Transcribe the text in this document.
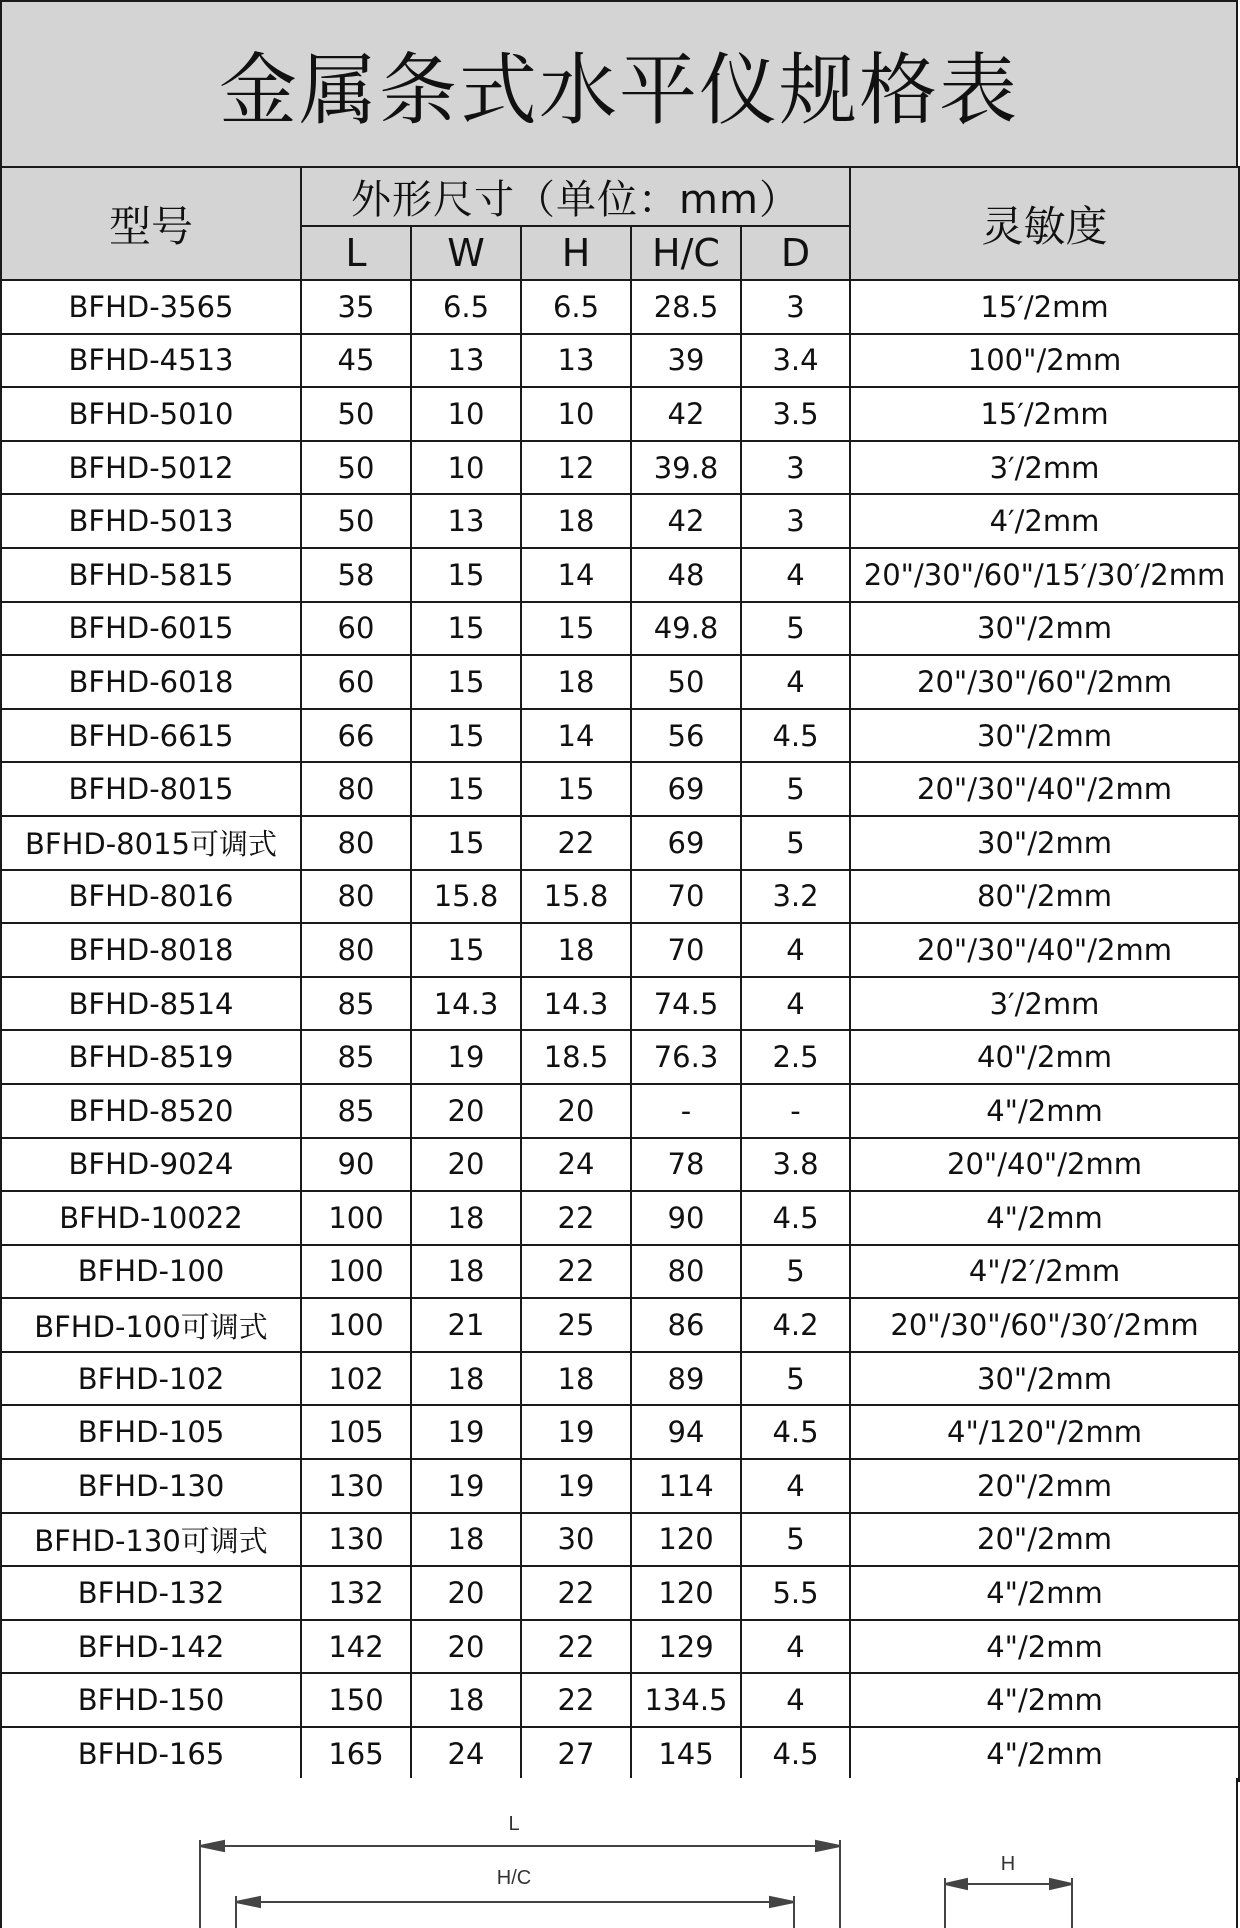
金属条式水平仪规格表
型号	外形尺寸（单位：mm）					灵敏度
	L	W	H	H/C	D	
BFHD-3565	35	6.5	6.5	28.5	3	15′/2mm
BFHD-4513	45	13	13	39	3.4	100"/2mm
BFHD-5010	50	10	10	42	3.5	15′/2mm
BFHD-5012	50	10	12	39.8	3	3′/2mm
BFHD-5013	50	13	18	42	3	4′/2mm
BFHD-5815	58	15	14	48	4	20"/30"/60"/15′/30′/2mm
BFHD-6015	60	15	15	49.8	5	30"/2mm
BFHD-6018	60	15	18	50	4	20"/30"/60"/2mm
BFHD-6615	66	15	14	56	4.5	30"/2mm
BFHD-8015	80	15	15	69	5	20"/30"/40"/2mm
BFHD-8015可调式	80	15	22	69	5	30"/2mm
BFHD-8016	80	15.8	15.8	70	3.2	80"/2mm
BFHD-8018	80	15	18	70	4	20"/30"/40"/2mm
BFHD-8514	85	14.3	14.3	74.5	4	3′/2mm
BFHD-8519	85	19	18.5	76.3	2.5	40"/2mm
BFHD-8520	85	20	20	-	-	4"/2mm
BFHD-9024	90	20	24	78	3.8	20"/40"/2mm
BFHD-10022	100	18	22	90	4.5	4"/2mm
BFHD-100	100	18	22	80	5	4"/2′/2mm
BFHD-100可调式	100	21	25	86	4.2	20"/30"/60"/30′/2mm
BFHD-102	102	18	18	89	5	30"/2mm
BFHD-105	105	19	19	94	4.5	4"/120"/2mm
BFHD-130	130	19	19	114	4	20"/2mm
BFHD-130可调式	130	18	30	120	5	20"/2mm
BFHD-132	132	20	22	120	5.5	4"/2mm
BFHD-142	142	20	22	129	4	4"/2mm
BFHD-150	150	18	22	134.5	4	4"/2mm
BFHD-165	165	24	27	145	4.5	4"/2mm
L
H/C
H
